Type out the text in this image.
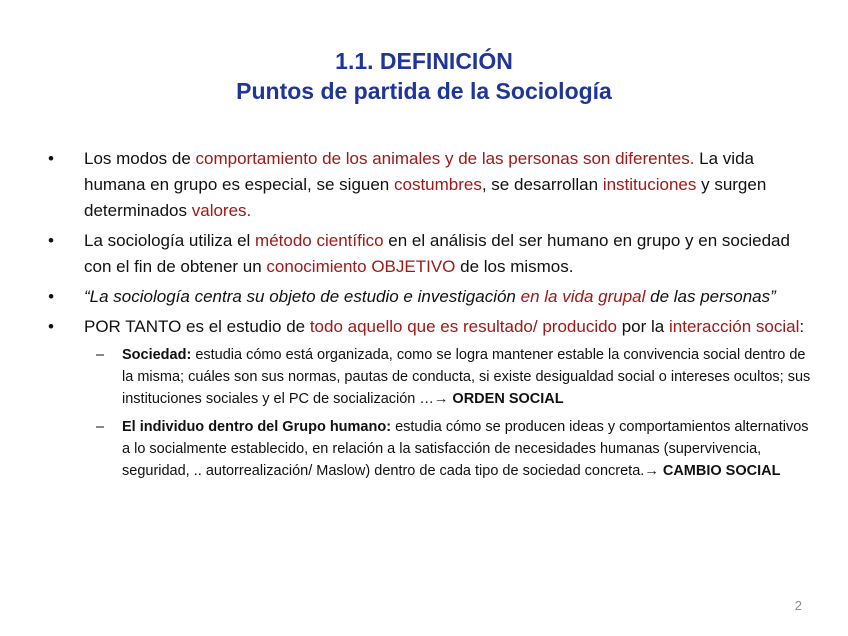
1.1. DEFINICIÓN
Puntos de partida de la Sociología
• Los modos de comportamiento de los animales y de las personas son diferentes. La vida humana en grupo es especial, se siguen costumbres, se desarrollan instituciones y surgen determinados valores.
• La sociología utiliza el método científico en el análisis del ser humano en grupo y en sociedad con el fin de obtener un conocimiento OBJETIVO de los mismos.
• “La sociología centra su objeto de estudio e investigación en la vida grupal de las personas”
• POR TANTO es el estudio de todo aquello que es resultado/ producido por la interacción social:
– Sociedad: estudia cómo está organizada, como se logra mantener estable la convivencia social dentro de la misma; cuáles son sus normas, pautas de conducta, si existe desigualdad social o intereses ocultos; sus instituciones sociales y el PC de socialización …→ ORDEN SOCIAL
– El individuo dentro del Grupo humano: estudia cómo se producen ideas y comportamientos alternativos a lo socialmente establecido, en relación a la satisfacción de necesidades humanas (supervivencia, seguridad, .. autorrealización/ Maslow) dentro de cada tipo de sociedad concreta.→ CAMBIO SOCIAL
2
